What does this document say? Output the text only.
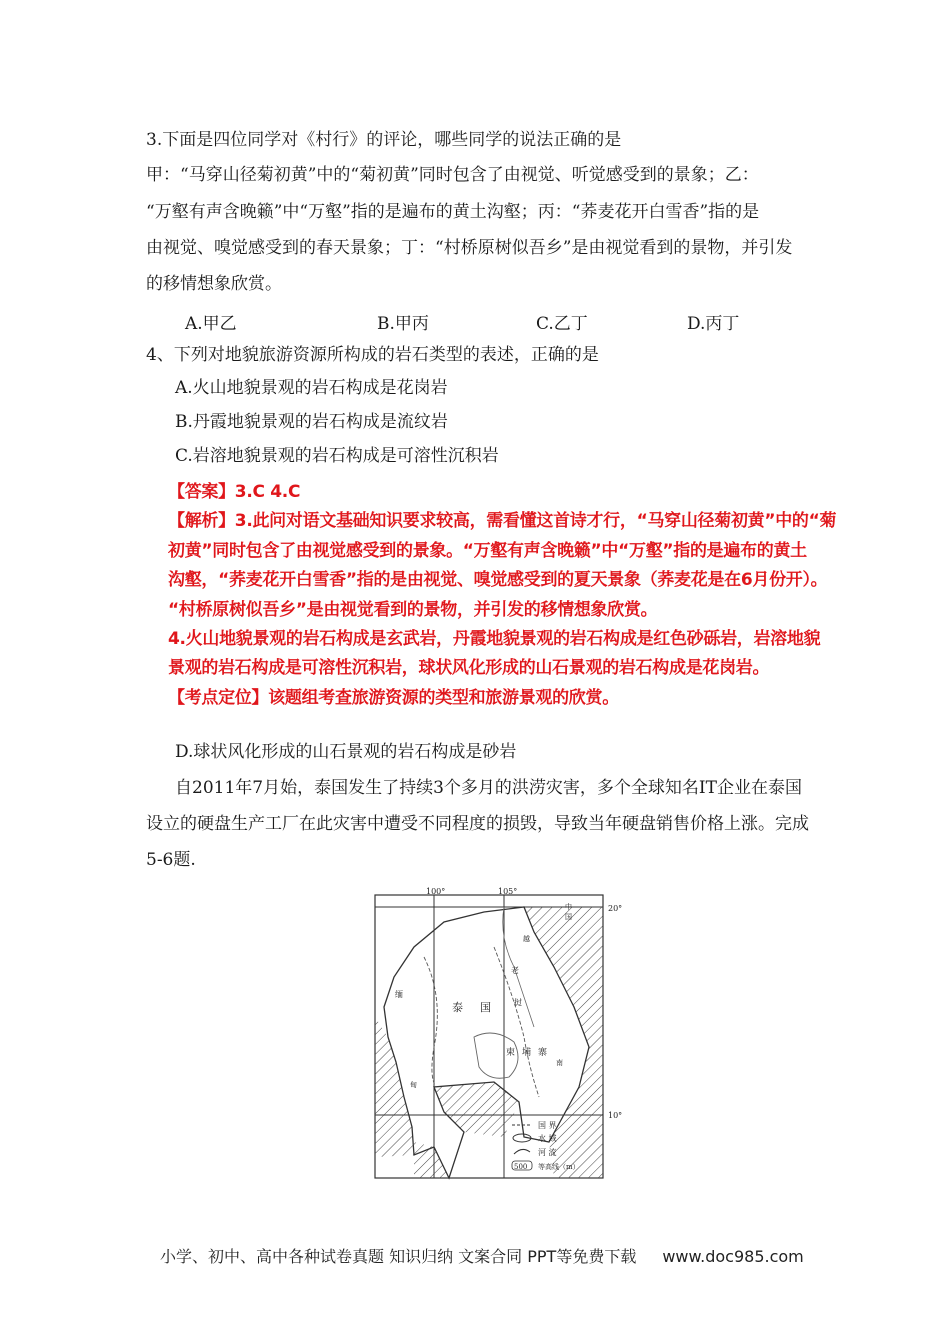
3.下面是四位同学对《村行》的评论，哪些同学的说法正确的是
甲：“马穿山径菊初黄”中的“菊初黄”同时包含了由视觉、听觉感受到的景象；乙：
“万壑有声含晚籁”中“万壑”指的是遍布的黄土沟壑；丙：“荞麦花开白雪香”指的是
由视觉、嗅觉感受到的春天景象；丁：“村桥原树似吾乡”是由视觉看到的景物，并引发
的移情想象欣赏。
A.甲乙	B.甲丙	C.乙丁	D.丙丁
4、下列对地貌旅游资源所构成的岩石类型的表述，正确的是
A.火山地貌景观的岩石构成是花岗岩
B.丹霞地貌景观的岩石构成是流纹岩
C.岩溶地貌景观的岩石构成是可溶性沉积岩
【答案】3.C 4.C
【解析】3.此问对语文基础知识要求较高，需看懂这首诗才行，“马穿山径菊初黄”中的“菊
初黄”同时包含了由视觉感受到的景象。“万壑有声含晚籁”中“万壑”指的是遍布的黄土
沟壑，“荞麦花开白雪香”指的是由视觉、嗅觉感受到的夏天景象（荞麦花是在6月份开）。
“村桥原树似吾乡”是由视觉看到的景物，并引发的移情想象欣赏。
4.火山地貌景观的岩石构成是玄武岩，丹霞地貌景观的岩石构成是红色砂砾岩，岩溶地貌
景观的岩石构成是可溶性沉积岩，球状风化形成的山石景观的岩石构成是花岗岩。
【考点定位】该题组考查旅游资源的类型和旅游景观的欣赏。
D.球状风化形成的山石景观的岩石构成是砂岩
自2011年7月始，泰国发生了持续3个多月的洪涝灾害，多个全球知名IT企业在泰国
设立的硬盘生产工厂在此灾害中遭受不同程度的损毁，导致当年硬盘销售价格上涨。完成
5-6题.
100°	105°
20°
10°
泰 国
柬 埔 寨
缅
甸
老
挝
越
南
中
国
国 界
水 域
河 流
500 等高线（m）
小学、初中、高中各种试卷真题 知识归纳 文案合同 PPT等免费下载 www.doc985.com
